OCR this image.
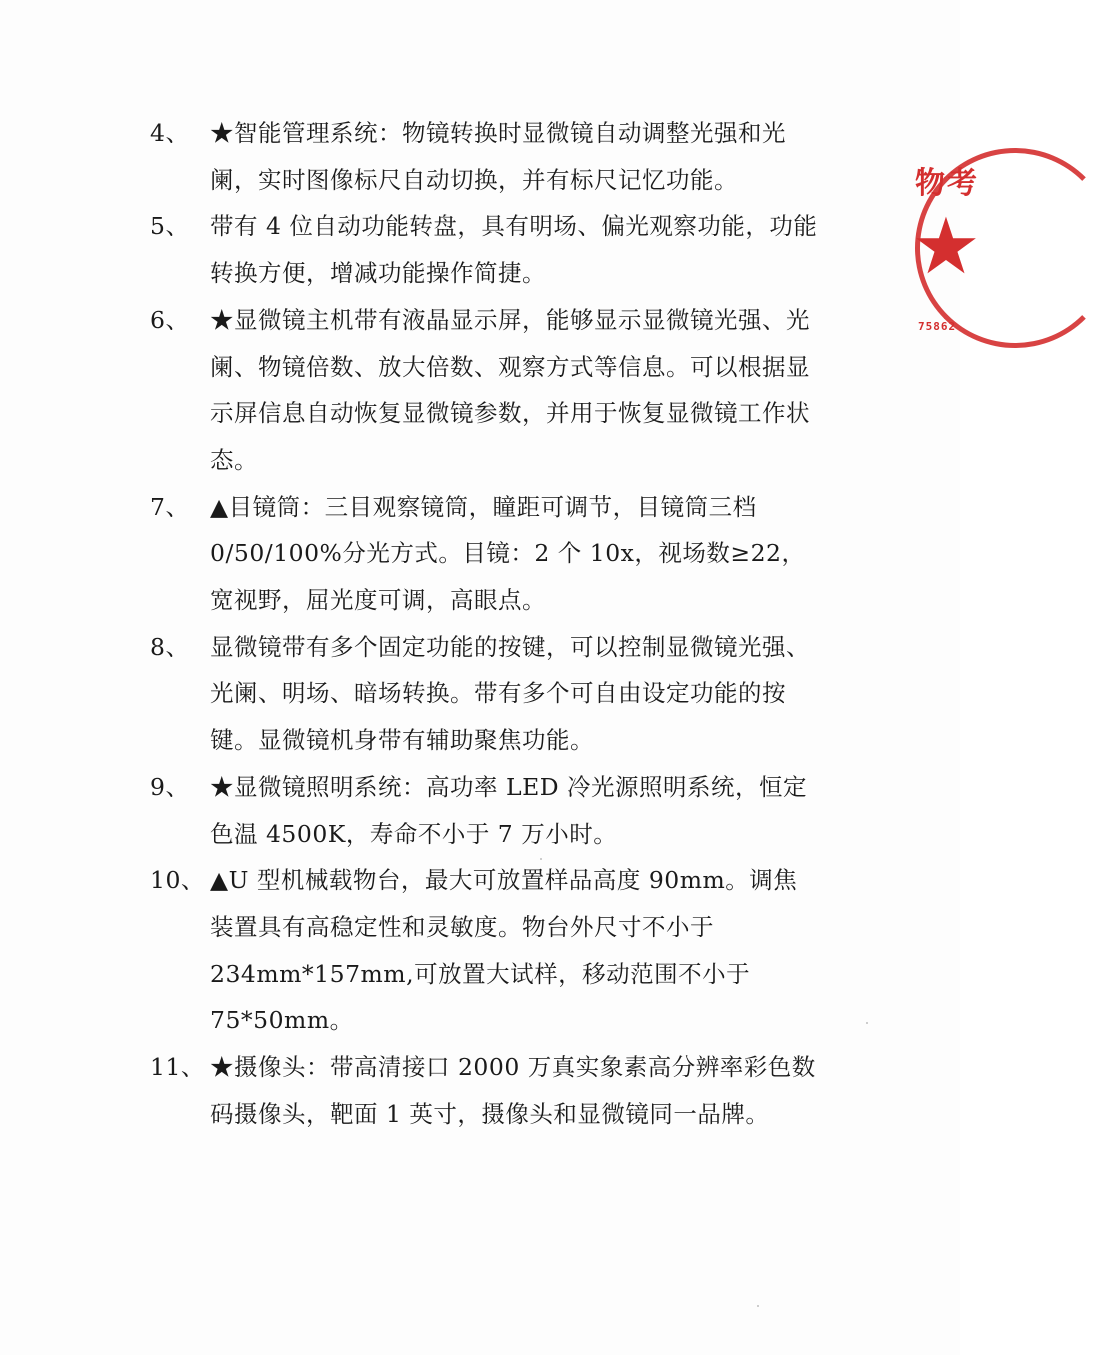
4、 ★智能管理系统：物镜转换时显微镜自动调整光强和光阑，实时图像标尺自动切换，并有标尺记忆功能。
5、 带有 4 位自动功能转盘，具有明场、偏光观察功能，功能转换方便，增减功能操作简捷。
6、 ★显微镜主机带有液晶显示屏，能够显示显微镜光强、光阑、物镜倍数、放大倍数、观察方式等信息。可以根据显示屏信息自动恢复显微镜参数，并用于恢复显微镜工作状态。
7、 ▲目镜筒：三目观察镜筒，瞳距可调节，目镜筒三档 0/50/100%分光方式。目镜：2 个 10x，视场数≥22，宽视野，屈光度可调，高眼点。
8、 显微镜带有多个固定功能的按键，可以控制显微镜光强、光阑、明场、暗场转换。带有多个可自由设定功能的按键。显微镜机身带有辅助聚焦功能。
9、 ★显微镜照明系统：高功率 LED 冷光源照明系统，恒定色温 4500K，寿命不小于 7 万小时。
10、 ▲U 型机械载物台，最大可放置样品高度 90mm。调焦装置具有高稳定性和灵敏度。物台外尺寸不小于 234mm*157mm,可放置大试样，移动范围不小于 75*50mm。
11、 ★摄像头：带高清接口 2000 万真实象素高分辨率彩色数码摄像头，靶面 1 英寸，摄像头和显微镜同一品牌。
物考
★
75862
